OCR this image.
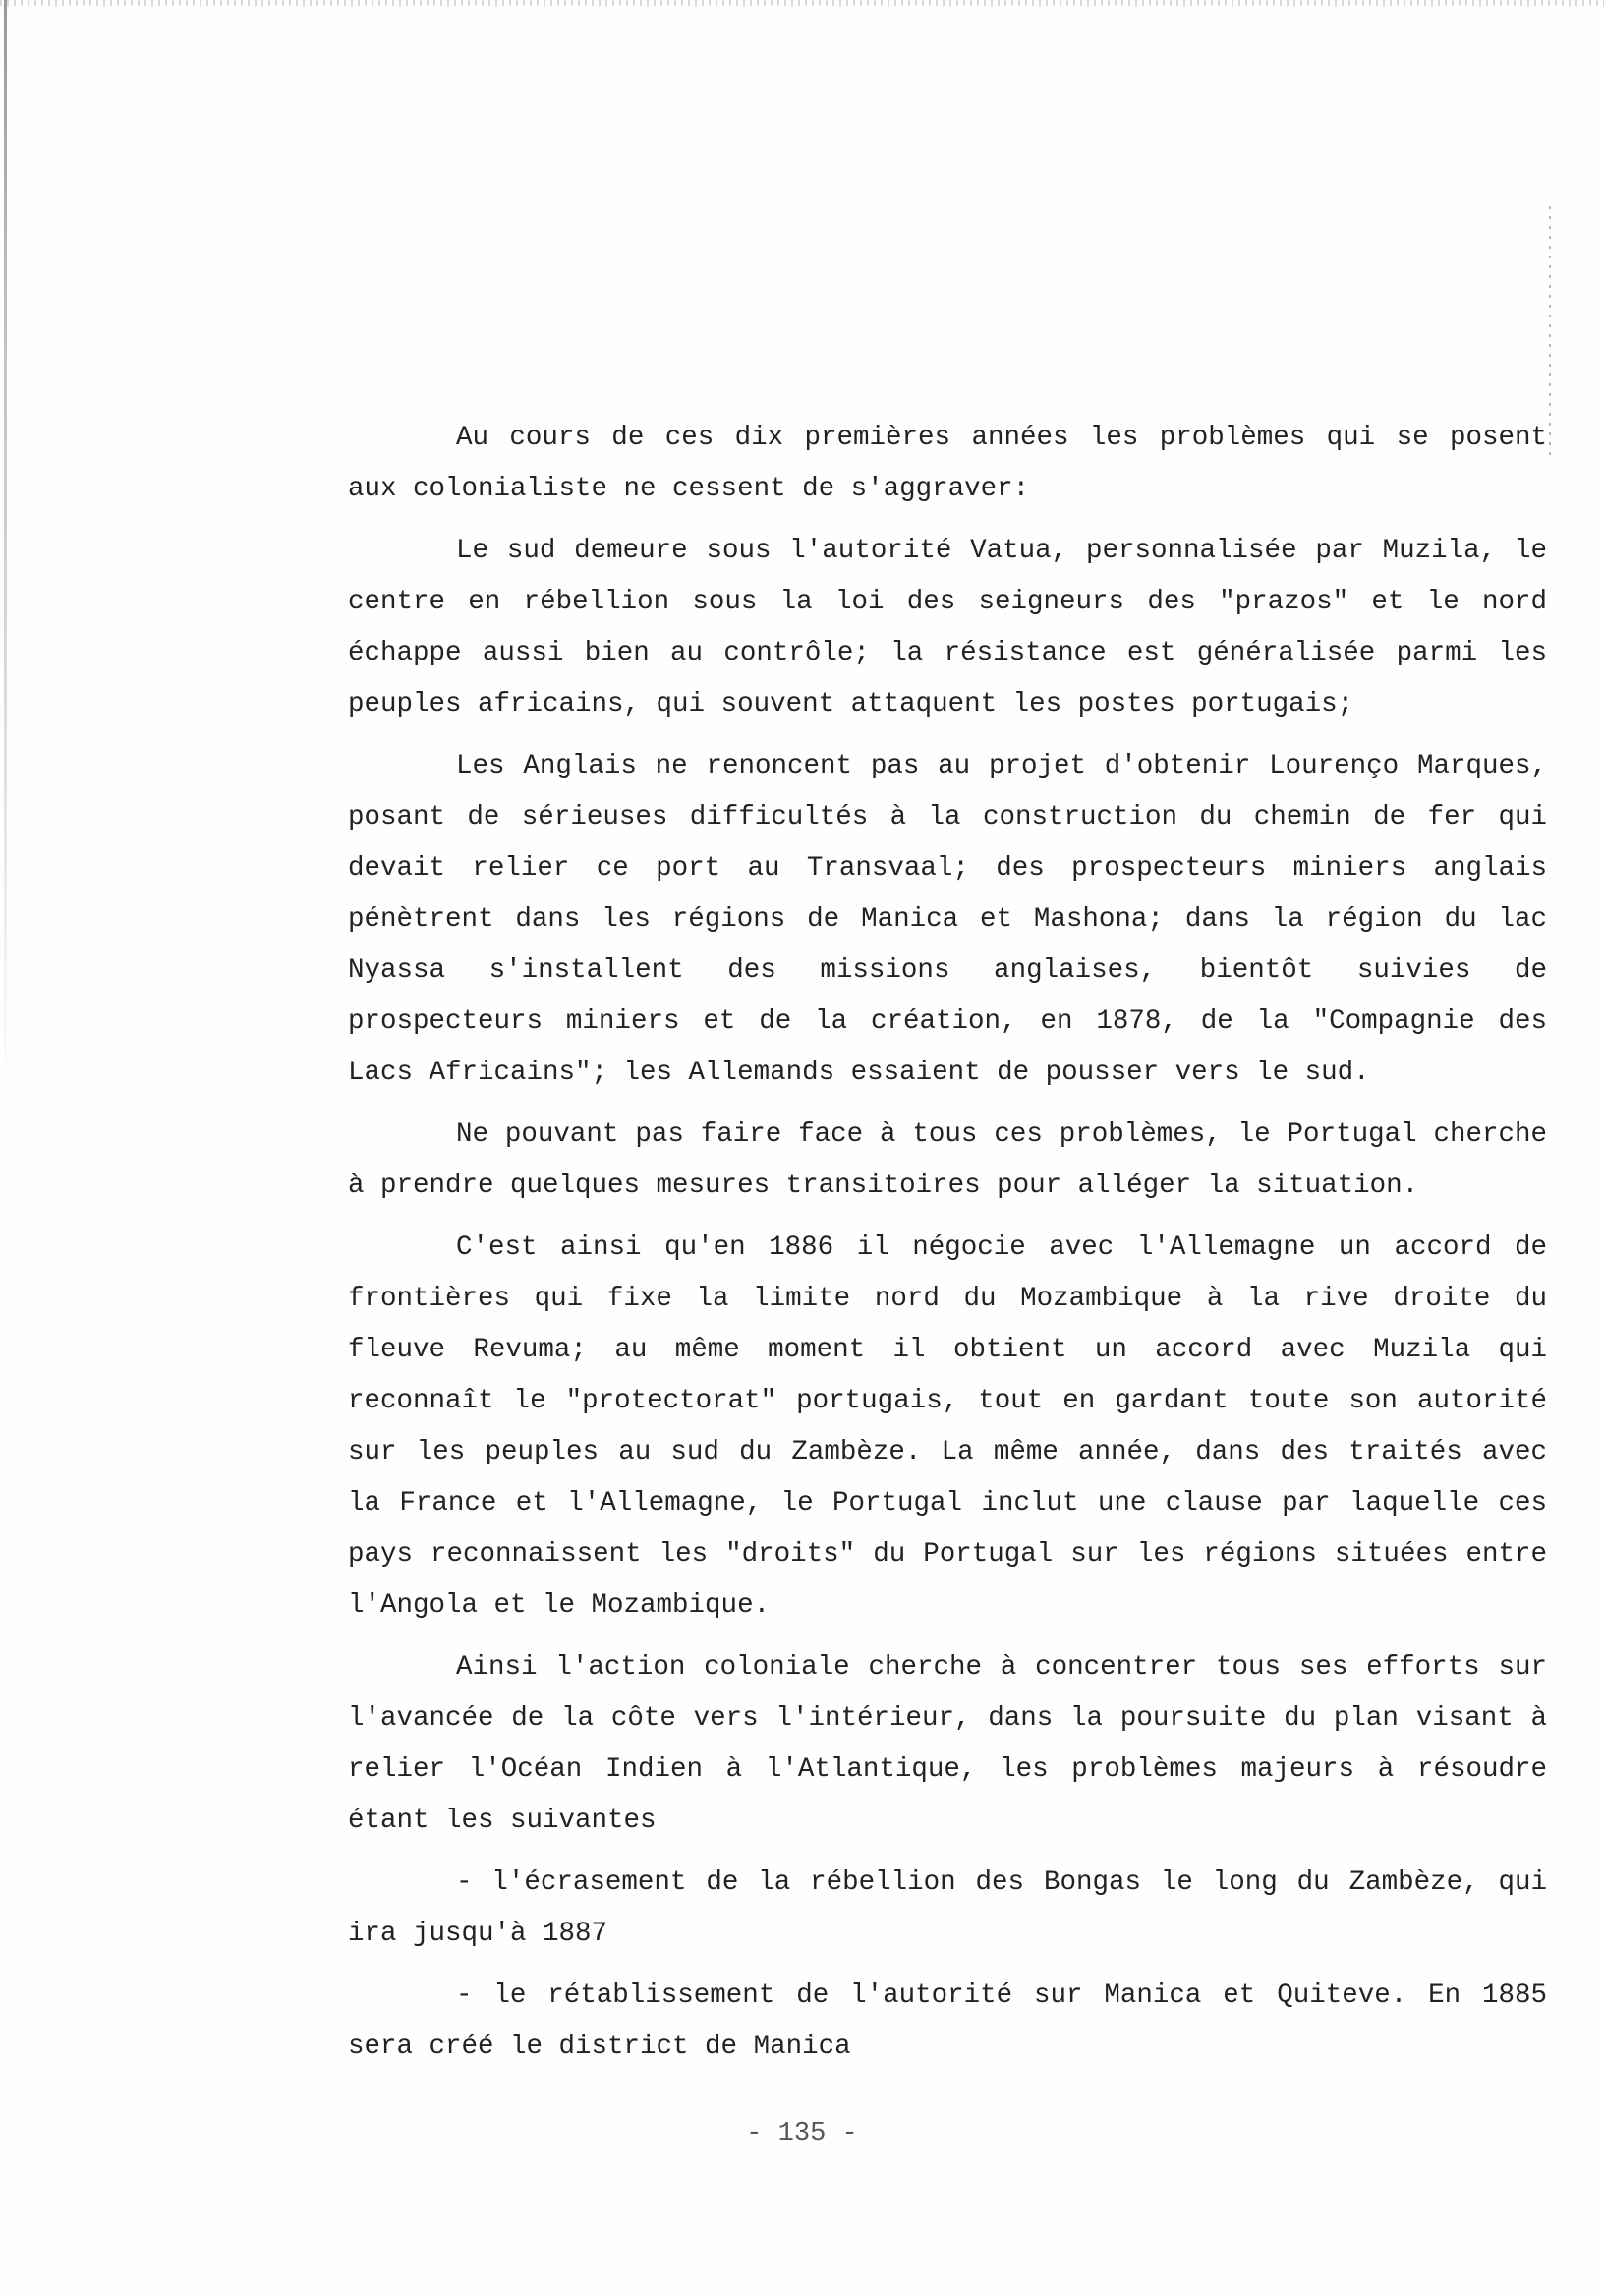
Au cours de ces dix premières années les problèmes qui se posent aux colonialiste ne cessent de s'aggraver:

Le sud demeure sous l'autorité Vatua, personnalisée par Muzila, le centre en rébellion sous la loi des seigneurs des "prazos" et le nord échappe aussi bien au contrôle; la résistance est généralisée parmi les peuples africains, qui souvent attaquent les postes portugais;

Les Anglais ne renoncent pas au projet d'obtenir Lourenço Marques, posant de sérieuses difficultés à la construction du chemin de fer qui devait relier ce port au Transvaal; des prospecteurs miniers anglais pénètrent dans les régions de Manica et Mashona; dans la région du lac Nyassa s'installent des missions anglaises, bientôt suivies de prospecteurs miniers et de la création, en 1878, de la "Compagnie des Lacs Africains"; les Allemands essaient de pousser vers le sud.

Ne pouvant pas faire face à tous ces problèmes, le Portugal cherche à prendre quelques mesures transitoires pour alléger la situation.

C'est ainsi qu'en 1886 il négocie avec l'Allemagne un accord de frontières qui fixe la limite nord du Mozambique à la rive droite du fleuve Revuma; au même moment il obtient un accord avec Muzila qui reconnaît le "protectorat" portugais, tout en gardant toute son autorité sur les peuples au sud du Zambèze. La même année, dans des traités avec la France et l'Allemagne, le Portugal inclut une clause par laquelle ces pays reconnaissent les "droits" du Portugal sur les régions situées entre l'Angola et le Mozambique.

Ainsi l'action coloniale cherche à concentrer tous ses efforts sur l'avancée de la côte vers l'intérieur, dans la poursuite du plan visant à relier l'Océan Indien à l'Atlantique, les problèmes majeurs à résoudre étant les suivantes

- l'écrasement de la rébellion des Bongas le long du Zambèze, qui ira jusqu'à 1887

- le rétablissement de l'autorité sur Manica et Quiteve. En 1885 sera créé le district de Manica

- 135 -
